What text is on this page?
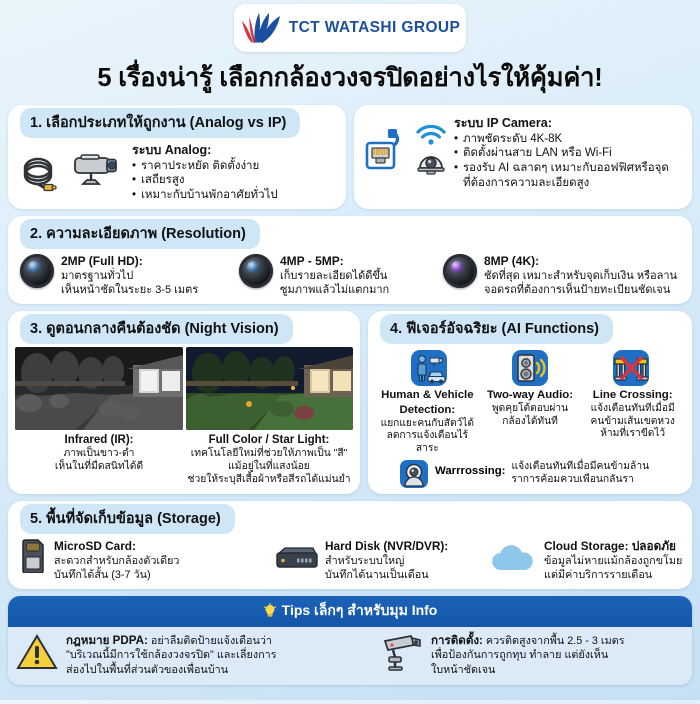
TCT WATASHI GROUP
5 เรื่องน่ารู้ เลือกกล้องวงจรปิดอย่างไรให้คุ้มค่า!
1. เลือกประเภทให้ถูกงาน (Analog vs IP)
ระบบ Analog:
• ราคาประหยัด ติดตั้งง่าย
• เสถียรสูง
• เหมาะกับบ้านพักอาศัยทั่วไป
ระบบ IP Camera:
• ภาพชัดระดับ 4K-8K
• ติดตั้งผ่านสาย LAN หรือ Wi-Fi
• รองรับ AI ฉลาดๆ เหมาะกับออฟฟิศหรือจุดที่ต้องการความละเอียดสูง
2. ความละเอียดภาพ (Resolution)
2MP (Full HD):
มาตรฐานทั่วไป
เห็นหน้าชัดในระยะ 3-5 เมตร
4MP - 5MP:
เก็บรายละเอียดได้ดีขึ้น
ซูมภาพแล้วไม่แตกมาก
8MP (4K):
ชัดที่สุด เหมาะสำหรับจุดเก็บเงิน หรือลาน
จอดรถที่ต้องการเห็นป้ายทะเบียนชัดเจน
3. ดูตอนกลางคืนต้องชัด (Night Vision)
Infrared (IR):
ภาพเป็นขาว-ดำ
เห็นในที่มืดสนิทได้ดี
Full Color / Star Light:
เทคโนโลยีใหม่ที่ช่วยให้ภาพเป็น "สี"
แม้อยู่ในที่แสงน้อย
ช่วยให้ระบุสีเสื้อผ้าหรือสีรถได้แม่นยำ
4. ฟีเจอร์อัจฉริยะ (AI Functions)
Human & Vehicle
Detection:
แยกแยะคนกับสัตว์ได้
ลดการแจ้งเตือนไร้สาระ
Two-way Audio:
พูดคุยโต้ตอบผ่าน
กล้องได้ทันที
Line Crossing:
แจ้งเตือนทันทีเมื่อมี
คนข้ามเส้นเขตหวง
ห้ามที่เราขีดไว้
Warrrossing: แจ้งเตือนทันทีเมื่อมีคนข้ามล้าน
ราการค้อมควบเพือนกลันรา
5. พื้นที่จัดเก็บข้อมูล (Storage)
MicroSD Card:
สะดวกสำหรับกล้องตัวเดียว
บันทึกได้สั้น (3-7 วัน)
Hard Disk (NVR/DVR):
สำหรับระบบใหญ่
บันทึกได้นานเป็นเดือน
Cloud Storage: ปลอดภัย
ข้อมูลไม่หายแม้กล้องถูกขโมย
แต่มีค่าบริการรายเดือน
Tips เล็กๆ สำหรับมุม Info
กฎหมาย PDPA: อย่าลืมติดป้ายแจ้งเตือนว่า
"บริเวณนี้มีการใช้กล้องวงจรปิด" และเลี่ยงการ
ส่องไปในพื้นที่ส่วนตัวของเพื่อนบ้าน
การติดตั้ง: ควรติดสูงจากพื้น 2.5 - 3 เมตร
เพื่อป้องกันการถูกทุบ ทำลาย แต่ยังเห็น
ใบหน้าชัดเจน
